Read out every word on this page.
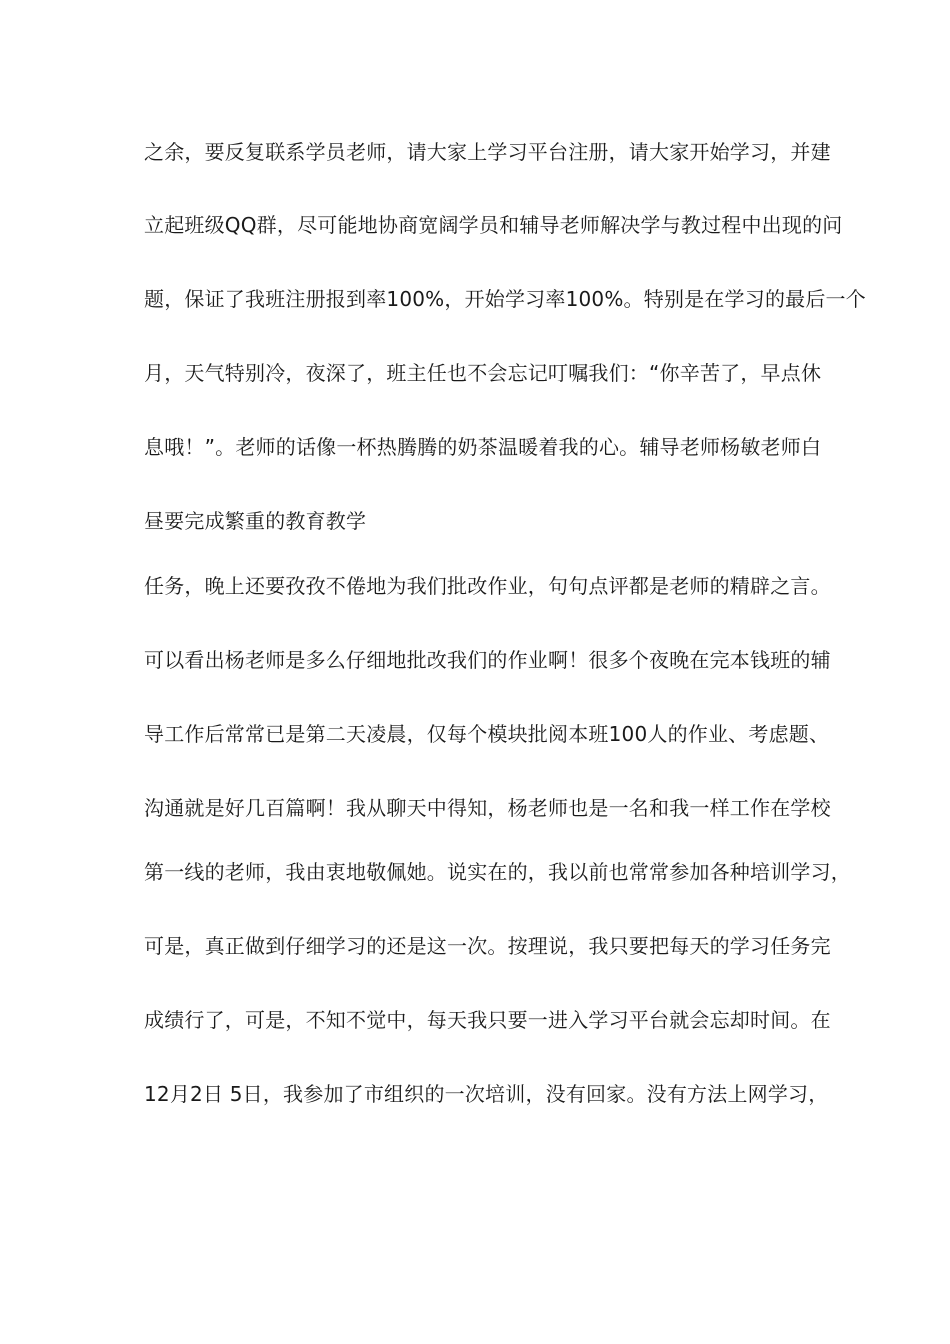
之余，要反复联系学员老师，请大家上学习平台注册，请大家开始学习，并建
立起班级QQ群，尽可能地协商宽阔学员和辅导老师解决学与教过程中出现的问
题，保证了我班注册报到率100%，开始学习率100%。特别是在学习的最后一个
月，天气特别冷，夜深了，班主任也不会忘记叮嘱我们：“你辛苦了，早点休
息哦！”。老师的话像一杯热腾腾的奶茶温暖着我的心。辅导老师杨敏老师白
昼要完成繁重的教育教学
任务，晚上还要孜孜不倦地为我们批改作业，句句点评都是老师的精辟之言。
可以看出杨老师是多么仔细地批改我们的作业啊！很多个夜晚在完本钱班的辅
导工作后常常已是第二天凌晨，仅每个模块批阅本班100人的作业、考虑题、
沟通就是好几百篇啊！我从聊天中得知，杨老师也是一名和我一样工作在学校
第一线的老师，我由衷地敬佩她。说实在的，我以前也常常参加各种培训学习，
可是，真正做到仔细学习的还是这一次。按理说，我只要把每天的学习任务完
成绩行了，可是，不知不觉中，每天我只要一进入学习平台就会忘却时间。在
12月2日 5日，我参加了市组织的一次培训，没有回家。没有方法上网学习，
